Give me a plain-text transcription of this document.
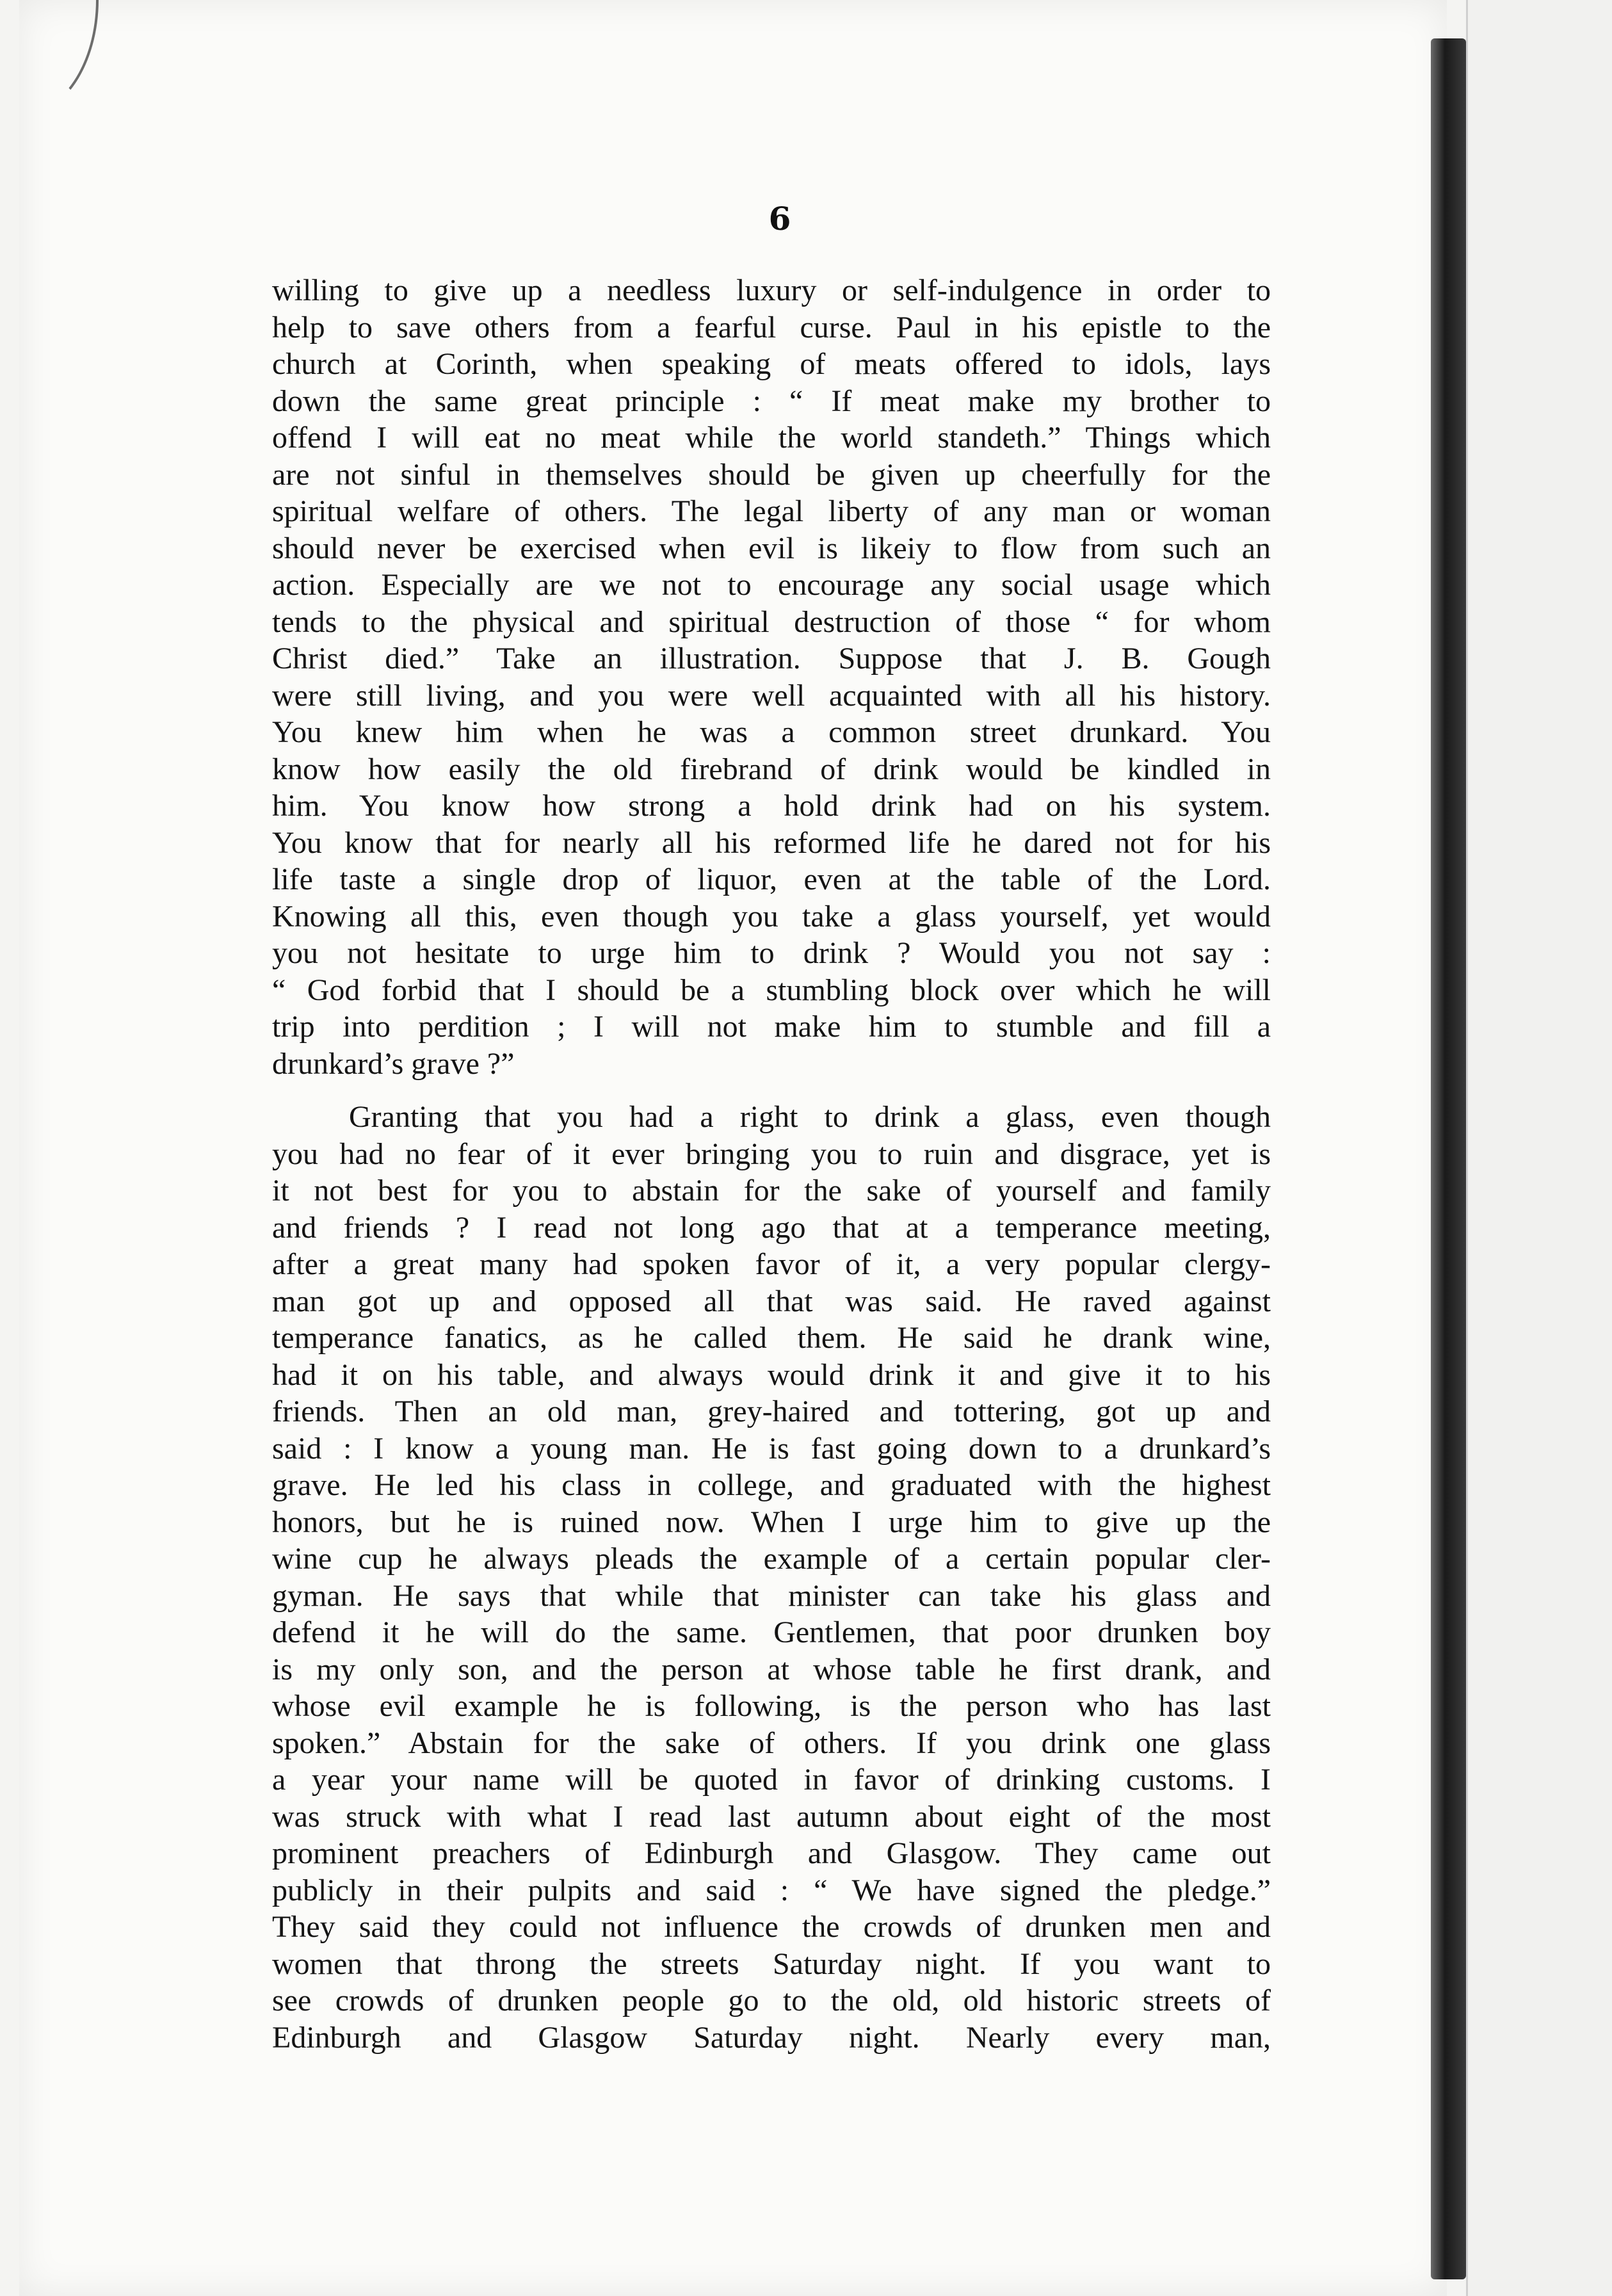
6
willing to give up a needless luxury or self-indulgence in order to
help to save others from a fearful curse. Paul in his epistle to the
church at Corinth, when speaking of meats offered to idols, lays
down the same great principle : “ If meat make my brother to
offend I will eat no meat while the world standeth.” Things which
are not sinful in themselves should be given up cheerfully for the
spiritual welfare of others. The legal liberty of any man or woman
should never be exercised when evil is likeiy to flow from such an
action. Especially are we not to encourage any social usage which
tends to the physical and spiritual destruction of those “ for whom
Christ died.” Take an illustration. Suppose that J. B. Gough
were still living, and you were well acquainted with all his history.
You knew him when he was a common street drunkard. You
know how easily the old firebrand of drink would be kindled in
him. You know how strong a hold drink had on his system.
You know that for nearly all his reformed life he dared not for his
life taste a single drop of liquor, even at the table of the Lord.
Knowing all this, even though you take a glass yourself, yet would
you not hesitate to urge him to drink ? Would you not say :
“ God forbid that I should be a stumbling block over which he will
trip into perdition ; I will not make him to stumble and fill a
drunkard’s grave ?”
Granting that you had a right to drink a glass, even though
you had no fear of it ever bringing you to ruin and disgrace, yet is
it not best for you to abstain for the sake of yourself and family
and friends ? I read not long ago that at a temperance meeting,
after a great many had spoken favor of it, a very popular clergy-
man got up and opposed all that was said. He raved against
temperance fanatics, as he called them. He said he drank wine,
had it on his table, and always would drink it and give it to his
friends. Then an old man, grey-haired and tottering, got up and
said : I know a young man. He is fast going down to a drunkard’s
grave. He led his class in college, and graduated with the highest
honors, but he is ruined now. When I urge him to give up the
wine cup he always pleads the example of a certain popular cler-
gyman. He says that while that minister can take his glass and
defend it he will do the same. Gentlemen, that poor drunken boy
is my only son, and the person at whose table he first drank, and
whose evil example he is following, is the person who has last
spoken.” Abstain for the sake of others. If you drink one glass
a year your name will be quoted in favor of drinking customs. I
was struck with what I read last autumn about eight of the most
prominent preachers of Edinburgh and Glasgow. They came out
publicly in their pulpits and said : “ We have signed the pledge.”
They said they could not influence the crowds of drunken men and
women that throng the streets Saturday night. If you want to
see crowds of drunken people go to the old, old historic streets of
Edinburgh and Glasgow Saturday night. Nearly every man,
